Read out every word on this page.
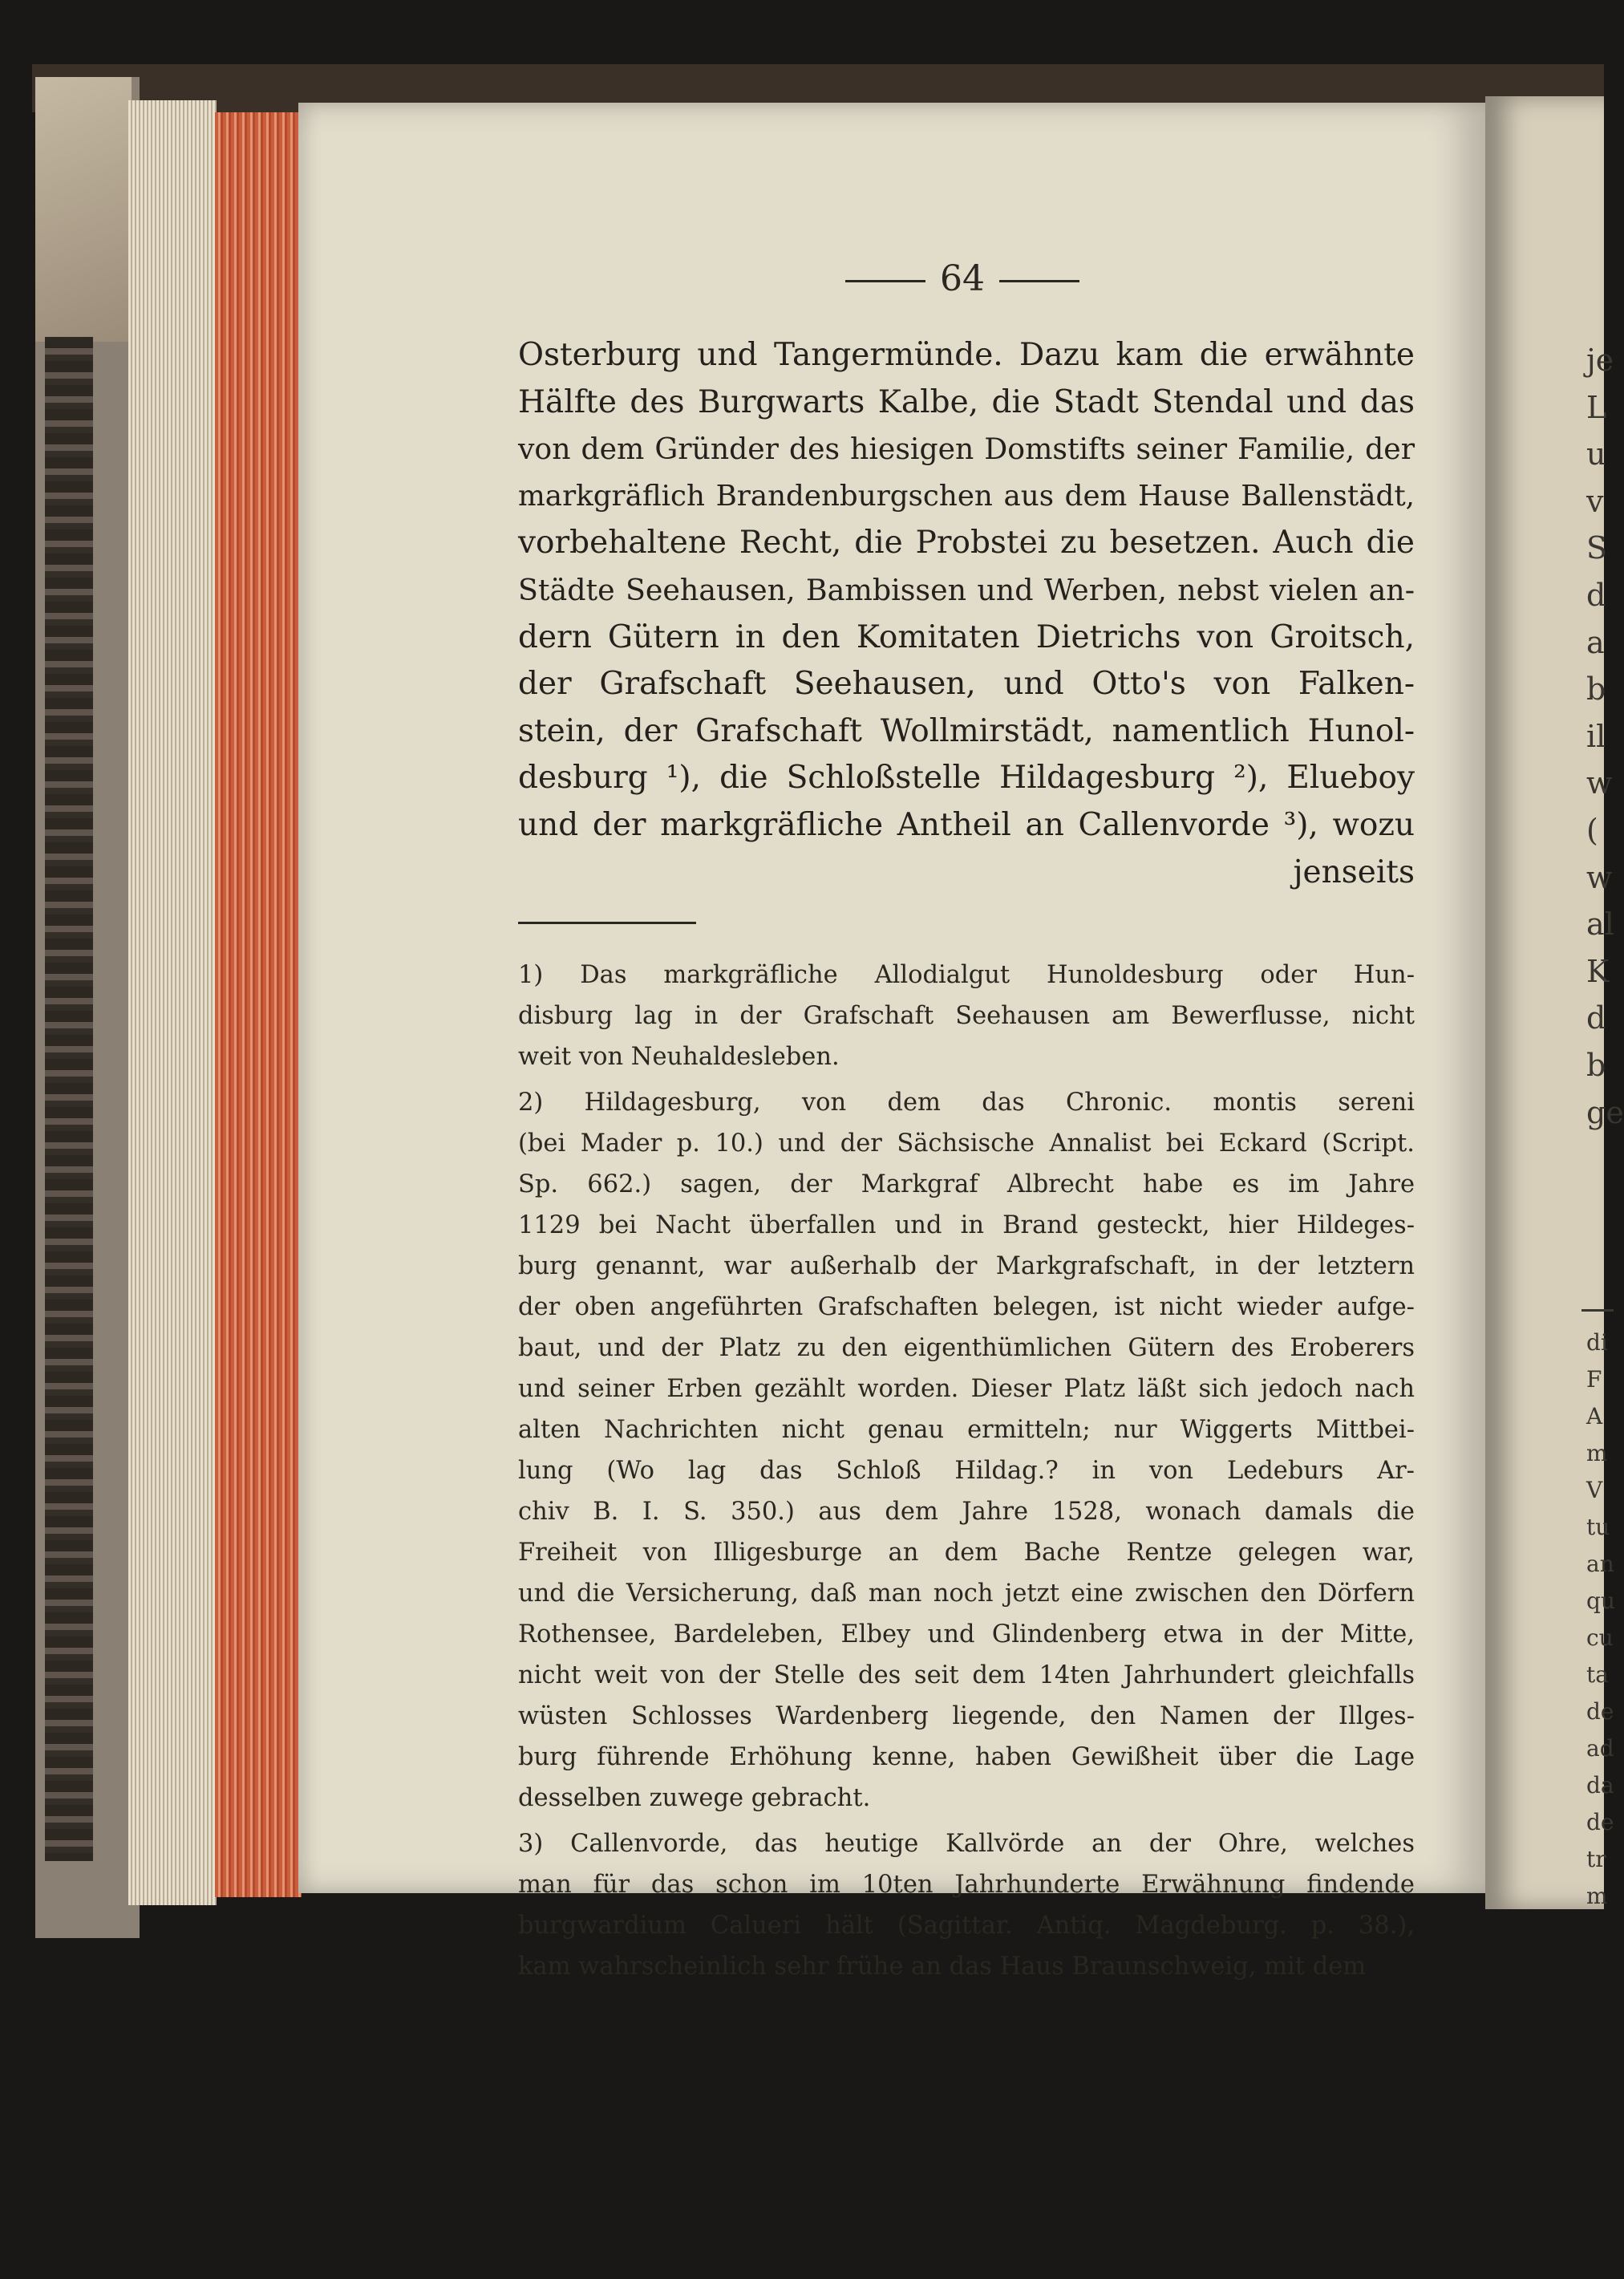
je
L
u
v
S
d
a
b
il
w
(
w
al
K
d
b
ge
di
F
A
m
V
tu
an
qu
cu
ta
de
ad
da
de
tr
m
64
Osterburg und Tangermünde. Dazu kam die erwähnte
Hälfte des Burgwarts Kalbe, die Stadt Stendal und das
von dem Gründer des hiesigen Domstifts seiner Familie, der
markgräflich Brandenburgschen aus dem Hause Ballenstädt,
vorbehaltene Recht, die Probstei zu besetzen. Auch die
Städte Seehausen, Bambissen und Werben, nebst vielen an-
dern Gütern in den Komitaten Dietrichs von Groitsch,
der Grafschaft Seehausen, und Otto's von Falken-
stein, der Grafschaft Wollmirstädt, namentlich Hunol-
desburg ¹), die Schloßstelle Hildagesburg ²), Elueboy
und der markgräfliche Antheil an Callenvorde ³), wozu
jenseits
1) Das markgräfliche Allodialgut Hunoldesburg oder Hun-
disburg lag in der Grafschaft Seehausen am Bewerflusse, nicht
weit von Neuhaldesleben.
2) Hildagesburg, von dem das Chronic. montis sereni
(bei Mader p. 10.) und der Sächsische Annalist bei Eckard (Script.
Sp. 662.) sagen, der Markgraf Albrecht habe es im Jahre
1129 bei Nacht überfallen und in Brand gesteckt, hier Hildeges-
burg genannt, war außerhalb der Markgrafschaft, in der letztern
der oben angeführten Grafschaften belegen, ist nicht wieder aufge-
baut, und der Platz zu den eigenthümlichen Gütern des Eroberers
und seiner Erben gezählt worden. Dieser Platz läßt sich jedoch nach
alten Nachrichten nicht genau ermitteln; nur Wiggerts Mittbei-
lung (Wo lag das Schloß Hildag.? in von Ledeburs Ar-
chiv B. I. S. 350.) aus dem Jahre 1528, wonach damals die
Freiheit von Illigesburge an dem Bache Rentze gelegen war,
und die Versicherung, daß man noch jetzt eine zwischen den Dörfern
Rothensee, Bardeleben, Elbey und Glindenberg etwa in der Mitte,
nicht weit von der Stelle des seit dem 14ten Jahrhundert gleichfalls
wüsten Schlosses Wardenberg liegende, den Namen der Illges-
burg führende Erhöhung kenne, haben Gewißheit über die Lage
desselben zuwege gebracht.
3) Callenvorde, das heutige Kallvörde an der Ohre, welches
man für das schon im 10ten Jahrhunderte Erwähnung findende
burgwardium Calueri hält (Sagittar. Antiq. Magdeburg. p. 38.),
kam wahrscheinlich sehr frühe an das Haus Braunschweig, mit dem
